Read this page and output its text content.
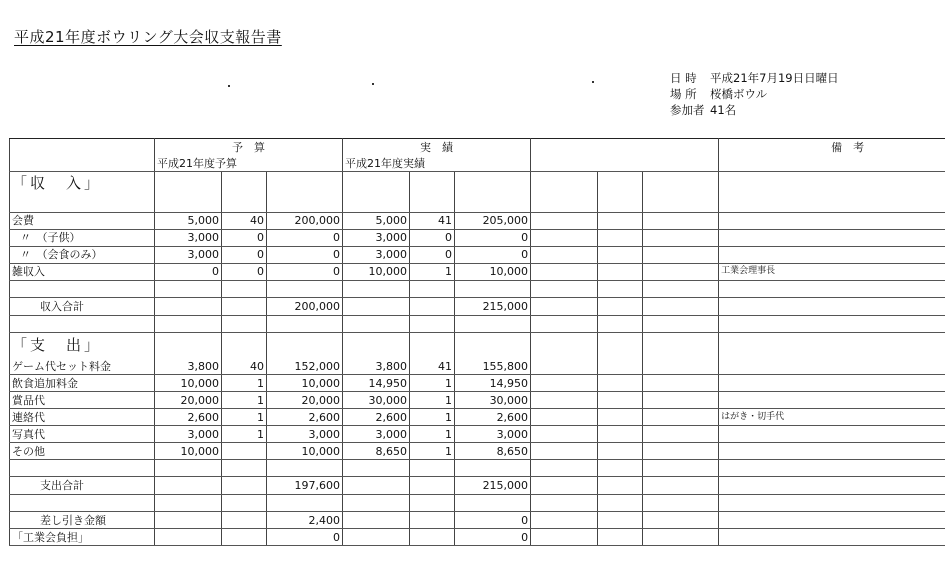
平成21年度ボウリング大会収支報告書
日 時 平成21年7月19日日曜日
場 所 桜橋ボウル
参加者 41名
	予　算			実　績						備　考
	平成21年度予算			平成21年度実績						
「収　入」										

会費	5,000	40	200,000	5,000	41	205,000				
〃　（子供）	3,000	0	0	3,000	0	0				
〃　（会食のみ）	3,000	0	0	3,000	0	0				
雑収入	0	0	0	10,000	1	10,000				工業会理事長

収入合計			200,000			215,000				

「支　出」										
ゲーム代セット料金	3,800	40	152,000	3,800	41	155,800				
飲食追加料金	10,000	1	10,000	14,950	1	14,950				
賞品代	20,000	1	20,000	30,000	1	30,000				
連絡代	2,600	1	2,600	2,600	1	2,600				はがき・切手代
写真代	3,000	1	3,000	3,000	1	3,000				
その他	10,000		10,000	8,650	1	8,650				

支出合計			197,600			215,000				

差し引き金額			2,400			0				
「工業会負担」			0			0				
